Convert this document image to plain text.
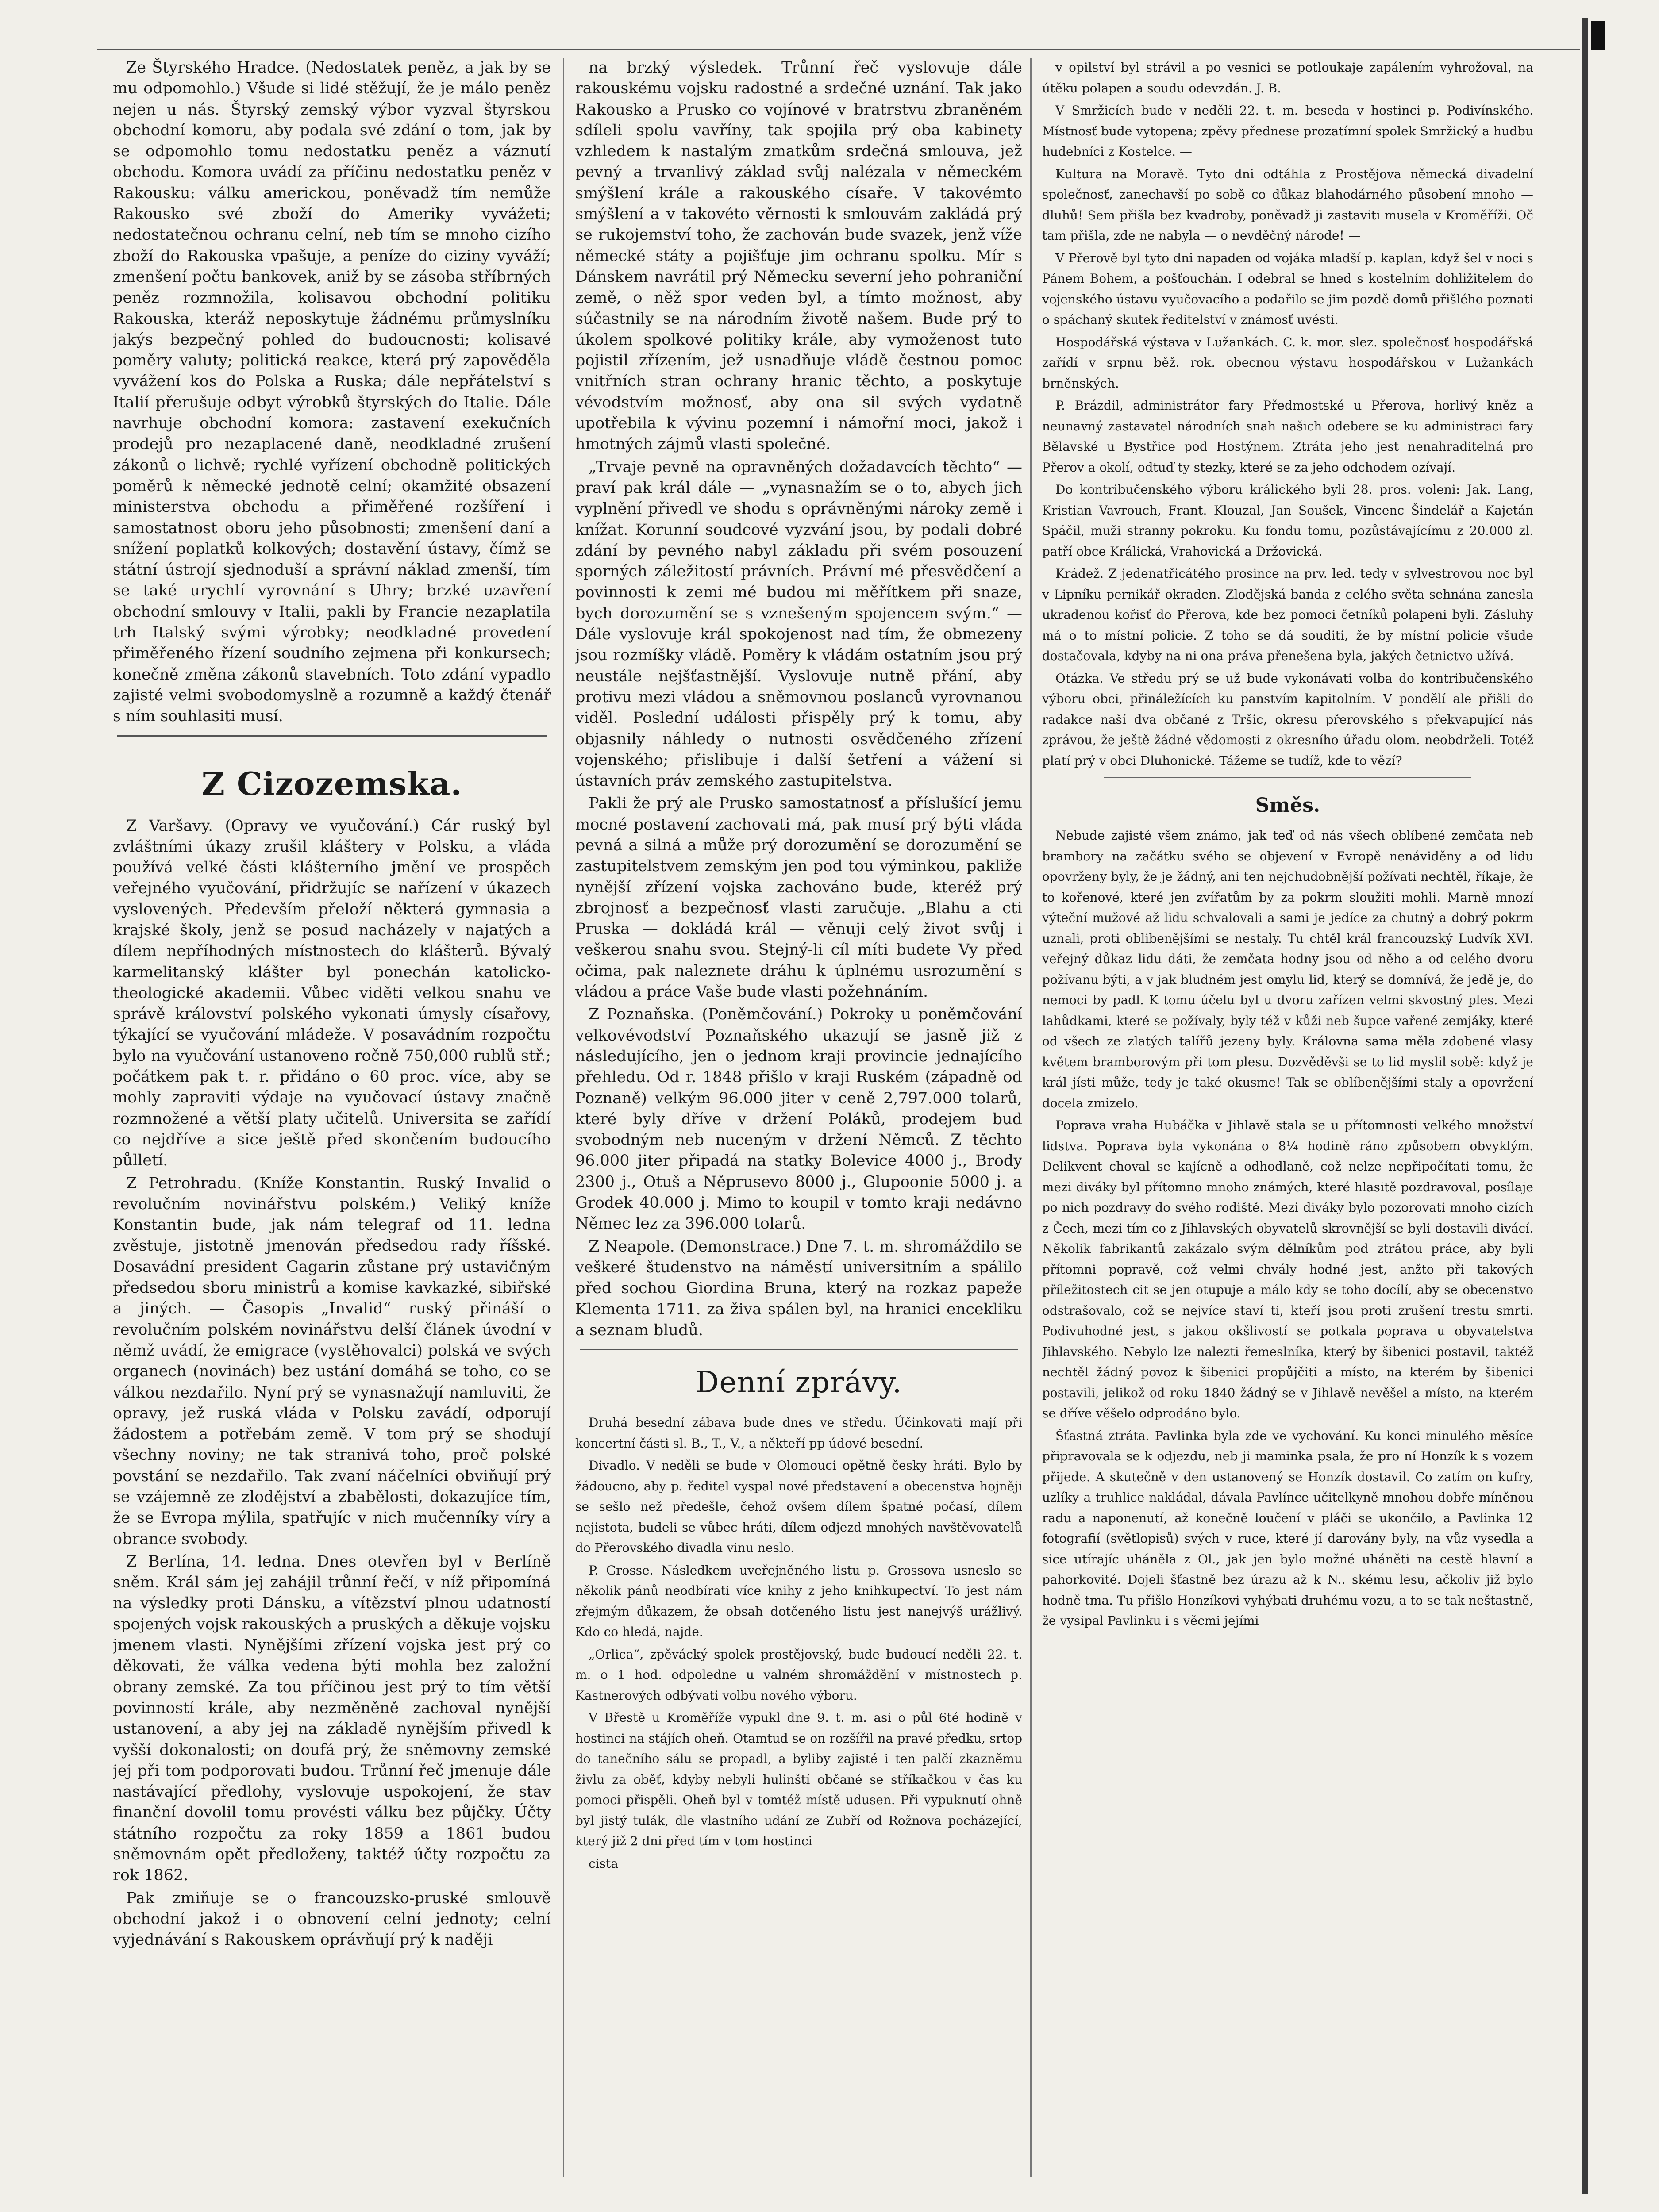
Ze Štyrského Hradce. (Nedostatek peněz, a jak by se mu odpomohlo.) Všude si lidé stěžují, že je málo peněz nejen u nás. Štyrský zemský výbor vyzval štyrskou obchodní komoru, aby podala své zdání o tom, jak by se odpomohlo tomu nedostatku peněz a váznutí obchodu. Komora uvádí za příčinu nedostatku peněz v Rakousku: válku americkou, poněvadž tím nemůže Rakousko své zboží do Ameriky vyvážeti; nedostatečnou ochranu celní, neb tím se mnoho cizího zboží do Rakouska vpašuje, a peníze do ciziny vyváží; zmenšení počtu bankovek, aniž by se zásoba stříbrných peněz rozmnožila, kolisavou obchodní politiku Rakouska, kteráž neposkytuje žádnému průmyslníku jakýs bezpečný pohled do budoucnosti; kolisavé poměry valuty; politická reakce, která prý zapověděla vyvážení kos do Polska a Ruska; dále nepřátelství s Italií přerušuje odbyt výrobků štyrských do Italie. Dále navrhuje obchodní komora: zastavení exekučních prodejů pro nezaplacené daně, neodkladné zrušení zákonů o lichvě; rychlé vyřízení obchodně politických poměrů k německé jednotě celní; okamžité obsazení ministerstva obchodu a přiměřené rozšíření i samostatnost oboru jeho působnosti; zmenšení daní a snížení poplatků kolkových; dostavění ústavy, čímž se státní ústrojí sjednoduší a správní náklad zmenší, tím se také urychlí vyrovnání s Uhry; brzké uzavření obchodní smlouvy v Italii, pakli by Francie nezaplatila trh Italský svými výrobky; neodkladné provedení přiměřeného řízení soudního zejmena při konkursech; konečně změna zákonů stavebních. Toto zdání vypadlo zajisté velmi svobodomyslně a rozumně a každý čtenář s ním souhlasiti musí.

Z Cizozemska.

Z Varšavy. (Opravy ve vyučování.) Cár ruský byl zvláštními úkazy zrušil kláštery v Polsku, a vláda používá velké části klášterního jmění ve prospěch veřejného vyučování, přidržujíc se nařízení v úkazech vyslovených. Především přeloží některá gymnasia a krajské školy, jenž se posud nacházely v najatých a dílem nepříhodných místnostech do klášterů. Bývalý karmelitanský klášter byl ponechán katolicko-theologické akademii. Vůbec viděti velkou snahu ve správě království polského vykonati úmysly císařovy, týkající se vyučování mládeže. V posavádním rozpočtu bylo na vyučování ustanoveno ročně 750,000 rublů stř.; počátkem pak t. r. přidáno o 60 proc. více, aby se mohly zapraviti výdaje na vyučovací ústavy značně rozmnožené a větší platy učitelů. Universita se zařídí co nejdříve a sice ještě před skončením budoucího půlletí.

Z Petrohradu. (Kníže Konstantin. Ruský Invalid o revolučním novinářstvu polském.) Veliký kníže Konstantin bude, jak nám telegraf od 11. ledna zvěstuje, jistotně jmenován předsedou rady říšské. Dosavádní president Gagarin zůstane prý ustavičným předsedou sboru ministrů a komise kavkazké, sibiřské a jiných. — Časopis „Invalid“ ruský přináší o revolučním polském novinářstvu delší článek úvodní v němž uvádí, že emigrace (vystěhovalci) polská ve svých organech (novinách) bez ustání domáhá se toho, co se válkou nezdařilo. Nyní prý se vynasnažují namluviti, že opravy, jež ruská vláda v Polsku zavádí, odporují žádostem a potřebám země. V tom prý se shodují všechny noviny; ne tak stranivá toho, proč polské povstání se nezdařilo. Tak zvaní náčelníci obviňují prý se vzájemně ze zlodějství a zbabělosti, dokazujíce tím, že se Evropa mýlila, spatřujíc v nich mučenníky víry a obrance svobody.

Z Berlína, 14. ledna. Dnes otevřen byl v Berlíně sněm. Král sám jej zahájil trůnní řečí, v níž připomíná na výsledky proti Dánsku, a vítězství plnou udatností spojených vojsk rakouských a pruských a děkuje vojsku jmenem vlasti. Nynějšími zřízení vojska jest prý co děkovati, že válka vedena býti mohla bez založní obrany zemské. Za tou příčinou jest prý to tím větší povinností krále, aby nezměněně zachoval nynější ustanovení, a aby jej na základě nynějším přivedl k vyšší dokonalosti; on doufá prý, že sněmovny zemské jej při tom podporovati budou. Trůnní řeč jmenuje dále nastávající předlohy, vyslovuje uspokojení, že stav finanční dovolil tomu provésti válku bez půjčky. Účty státního rozpočtu za roky 1859 a 1861 budou sněmovnám opět předloženy, taktéž účty rozpočtu za rok 1862.

Pak zmiňuje se o francouzsko-pruské smlouvě obchodní jakož i o obnovení celní jednoty; celní vyjednávání s Rakouskem oprávňují prý k naději

na brzký výsledek. Trůnní řeč vyslovuje dále rakouskému vojsku radostné a srdečné uznání. Tak jako Rakousko a Prusko co vojínové v bratrstvu zbraněném sdíleli spolu vavříny, tak spojila prý oba kabinety vzhledem k nastalým zmatkům srdečná smlouva, jež pevný a trvanlivý základ svůj nalézala v německém smýšlení krále a rakouského císaře. V takovémto smýšlení a v takovéto věrnosti k smlouvám zakládá prý se rukojemství toho, že zachován bude svazek, jenž víže německé státy a pojišťuje jim ochranu spolku. Mír s Dánskem navrátil prý Německu severní jeho pohraniční země, o něž spor veden byl, a tímto možnost, aby súčastnily se na národním životě našem. Bude prý to úkolem spolkové politiky krále, aby vymoženost tuto pojistil zřízením, jež usnadňuje vládě čestnou pomoc vnitřních stran ochrany hranic těchto, a poskytuje vévodstvím možnosť, aby ona sil svých vydatně upotřebila k vývinu pozemní i námořní moci, jakož i hmotných zájmů vlasti společné.

„Trvaje pevně na opravněných dožadavcích těchto“ — praví pak král dále — „vynasnažím se o to, abych jich vyplnění přivedl ve shodu s oprávněnými nároky země i knížat. Korunní soudcové vyzvání jsou, by podali dobré zdání by pevného nabyl základu při svém posouzení sporných záležitostí právních. Právní mé přesvědčení a povinnosti k zemi mé budou mi měřítkem při snaze, bych dorozumění se s vznešeným spojencem svým.“ — Dále vyslovuje král spokojenost nad tím, že obmezeny jsou rozmíšky vládě. Poměry k vládám ostatním jsou prý neustále nejšťastnější. Vyslovuje nutně přání, aby protivu mezi vládou a sněmovnou poslanců vyrovnanou viděl. Poslední události přispěly prý k tomu, aby objasnily náhledy o nutnosti osvědčeného zřízení vojenského; přislibuje i další šetření a vážení si ústavních práv zemského zastupitelstva.

Pakli že prý ale Prusko samostatnosť a příslušící jemu mocné postavení zachovati má, pak musí prý býti vláda pevná a silná a může prý dorozumění se dorozumění se zastupitelstvem zemským jen pod tou výminkou, pakliže nynější zřízení vojska zachováno bude, kteréž prý zbrojnosť a bezpečnosť vlasti zaručuje. „Blahu a cti Pruska — dokládá král — věnuji celý život svůj i veškerou snahu svou. Stejný-li cíl míti budete Vy před očima, pak naleznete dráhu k úplnému usrozumění s vládou a práce Vaše bude vlasti požehnáním.

Z Poznaňska. (Poněmčování.) Pokroky u poněmčování velkovévodství Poznaňského ukazují se jasně již z následujícího, jen o jednom kraji provincie jednajícího přehledu. Od r. 1848 přišlo v kraji Ruském (západně od Poznaně) velkým 96.000 jiter v ceně 2,797.000 tolarů, které byly dříve v držení Poláků, prodejem buď svobodným neb nuceným v držení Němců. Z těchto 96.000 jiter připadá na statky Bolevice 4000 j., Brody 2300 j., Otuš a Něprusevo 8000 j., Glupoonie 5000 j. a Grodek 40.000 j. Mimo to koupil v tomto kraji nedávno Němec lez za 396.000 tolarů.

Z Neapole. (Demonstrace.) Dne 7. t. m. shromáždilo se veškeré študenstvo na náměstí universitním a spálilo před sochou Giordina Bruna, který na rozkaz papeže Klementa 1711. za živa spálen byl, na hranici encekliku a seznam bludů.

Denní zprávy.

Druhá besední zábava bude dnes ve středu. Účinkovati mají při koncertní části sl. B., T., V., a někteří pp údové besední.

Divadlo. V neděli se bude v Olomouci opětně česky hráti. Bylo by žádoucno, aby p. ředitel vyspal nové představení a obecenstva hojněji se sešlo než předešle, čehož ovšem dílem špatné počasí, dílem nejistota, budeli se vůbec hráti, dílem odjezd mnohých navštěvovatelů do Přerovského divadla vinu neslo.

P. Grosse. Následkem uveřejněného listu p. Grossova usneslo se několik pánů neodbírati více knihy z jeho knihkupectví. To jest nám zřejmým důkazem, že obsah dotčeného listu jest nanejvýš urážlivý. Kdo co hledá, najde.

„Orlica“, zpěvácký spolek prostějovský, bude budoucí neděli 22. t. m. o 1 hod. odpoledne u valném shromáždění v místnostech p. Kastnerových odbývati volbu nového výboru.

V Břestě u Kroměříže vypukl dne 9. t. m. asi o půl 6té hodině v hostinci na stájích oheň. Otamtud se on rozšířil na pravé předku, srtop do tanečního sálu se propadl, a byliby zajisté i ten palčí zkazněmu živlu za oběť, kdyby nebyli hulinští občané se stříkačkou v čas ku pomoci přispěli. Oheň byl v tomtéž místě udusen. Při vypuknutí ohně byl jistý tulák, dle vlastního udání ze Zubří od Rožnova pocházející, který již 2 dni před tím v tom hostinci

cista

v opilství byl strávil a po vesnici se potloukaje zapálením vyhrožoval, na útěku polapen a soudu odevzdán. J. B.

V Smržicích bude v neděli 22. t. m. beseda v hostinci p. Podivínského. Místnosť bude vytopena; zpěvy přednese prozatímní spolek Smržický a hudbu hudebníci z Kostelce. —

Kultura na Moravě. Tyto dni odtáhla z Prostějova německá divadelní společnosť, zanechavší po sobě co důkaz blahodárného působení mnoho — dluhů! Sem přišla bez kvadroby, poněvadž ji zastaviti musela v Kroměříži. Oč tam přišla, zde ne nabyla — o nevděčný národe! —

V Přerově byl tyto dni napaden od vojáka mladší p. kaplan, když šel v noci s Pánem Bohem, a pošťouchán. I odebral se hned s kostelním dohližitelem do vojenského ústavu vyučovacího a podařilo se jim pozdě domů přišlého poznati o spáchaný skutek ředitelství v známosť uvésti.

Hospodářská výstava v Lužankách. C. k. mor. slez. společnosť hospodářská zařídí v srpnu běž. rok. obecnou výstavu hospodářskou v Lužankách brněnských.

P. Brázdil, administrátor fary Předmostské u Přerova, horlivý kněz a neunavný zastavatel národních snah našich odebere se ku administraci fary Bělavské u Bystřice pod Hostýnem. Ztráta jeho jest nenahraditelná pro Přerov a okolí, odtuď ty stezky, které se za jeho odchodem ozívají.

Do kontribučenského výboru králického byli 28. pros. voleni: Jak. Lang, Kristian Vavrouch, Frant. Klouzal, Jan Soušek, Vincenc Šindelář a Kajetán Spáčil, muži stranny pokroku. Ku fondu tomu, pozůstávajícímu z 20.000 zl. patří obce Králická, Vrahovická a Držovická.

Krádež. Z jedenatřicátého prosince na prv. led. tedy v sylvestrovou noc byl v Lipníku pernikář okraden. Zlodějská banda z celého světa sehnána zanesla ukradenou kořisť do Přerova, kde bez pomoci četníků polapeni byli. Zásluhy má o to místní policie. Z toho se dá souditi, že by místní policie všude dostačovala, kdyby na ni ona práva přenešena byla, jakých četnictvo užívá.

Otázka. Ve středu prý se už bude vykonávati volba do kontribučenského výboru obci, přináležících ku panstvím kapitolním. V pondělí ale přišli do radakce naší dva občané z Tršic, okresu přerovského s překvapující nás zprávou, že ještě žádné vědomosti z okresního úřadu olom. neobdrželi. Totéž platí prý v obci Dluhonické. Tážeme se tudíž, kde to vězí?

Směs.

Nebude zajisté všem známo, jak teď od nás všech oblíbené zemčata neb brambory na začátku svého se objevení v Evropě nenáviděny a od lidu opovrženy byly, že je žádný, ani ten nejchudobnější požívati nechtěl, říkaje, že to kořenové, které jen zvířatům by za pokrm sloužiti mohli. Marně mnozí výteční mužové až lidu schvalovali a sami je jedíce za chutný a dobrý pokrm uznali, proti oblibenějšími se nestaly. Tu chtěl král francouzský Ludvík XVI. veřejný důkaz lidu dáti, že zemčata hodny jsou od něho a od celého dvoru požívanu býti, a v jak bludném jest omylu lid, který se domnívá, že jedě je, do nemoci by padl. K tomu účelu byl u dvoru zařízen velmi skvostný ples. Mezi lahůdkami, které se požívaly, byly též v kůži neb šupce vařené zemjáky, které od všech ze zlatých talířů jezeny byly. Královna sama měla zdobené vlasy květem bramborovým při tom plesu. Dozvěděvši se to lid myslil sobě: když je král jísti může, tedy je také okusme! Tak se oblíbenějšími staly a opovržení docela zmizelo.

Poprava vraha Hubáčka v Jihlavě stala se u přítomnosti velkého množství lidstva. Poprava byla vykonána o 8¼ hodině ráno způsobem obvyklým. Delikvent choval se kajícně a odhodlaně, což nelze nepřipočítati tomu, že mezi diváky byl přítomno mnoho známých, které hlasitě pozdravoval, posílaje po nich pozdravy do svého rodiště. Mezi diváky bylo pozorovati mnoho cizích z Čech, mezi tím co z Jihlavských obyvatelů skrovnější se byli dostavili divácí. Několik fabrikantů zakázalo svým dělníkům pod ztrátou práce, aby byli přítomni popravě, což velmi chvály hodné jest, anžto při takových příležitostech cit se jen otupuje a málo kdy se toho docílí, aby se obecenstvo odstrašovalo, což se nejvíce staví ti, kteří jsou proti zrušení trestu smrti. Podivuhodné jest, s jakou okšlivostí se potkala poprava u obyvatelstva Jihlavského. Nebylo lze nalezti řemeslníka, který by šibenici postavil, taktéž nechtěl žádný povoz k šibenici propůjčiti a místo, na kterém by šibenici postavili, jelikož od roku 1840 žádný se v Jihlavě nevěšel a místo, na kterém se dříve věšelo odprodáno bylo.

Šťastná ztráta. Pavlinka byla zde ve vychování. Ku konci minulého měsíce připravovala se k odjezdu, neb ji maminka psala, že pro ní Honzík k s vozem přijede. A skutečně v den ustanovený se Honzík dostavil. Co zatím on kufry, uzlíky a truhlice nakládal, dávala Pavlínce učitelkyně mnohou dobře míněnou radu a naponenutí, až konečně loučení v pláči se ukončilo, a Pavlinka 12 fotografií (světlopisů) svých v ruce, které jí darovány byly, na vůz vysedla a sice utírajíc uháněla z Ol., jak jen bylo možné uháněti na cestě hlavní a pahorkovité. Dojeli šťastně bez úrazu až k N.. skému lesu, ačkoliv již bylo hodně tma. Tu přišlo Honzíkovi vyhýbati druhému vozu, a to se tak neštastně, že vysipal Pavlinku i s věcmi jejími
